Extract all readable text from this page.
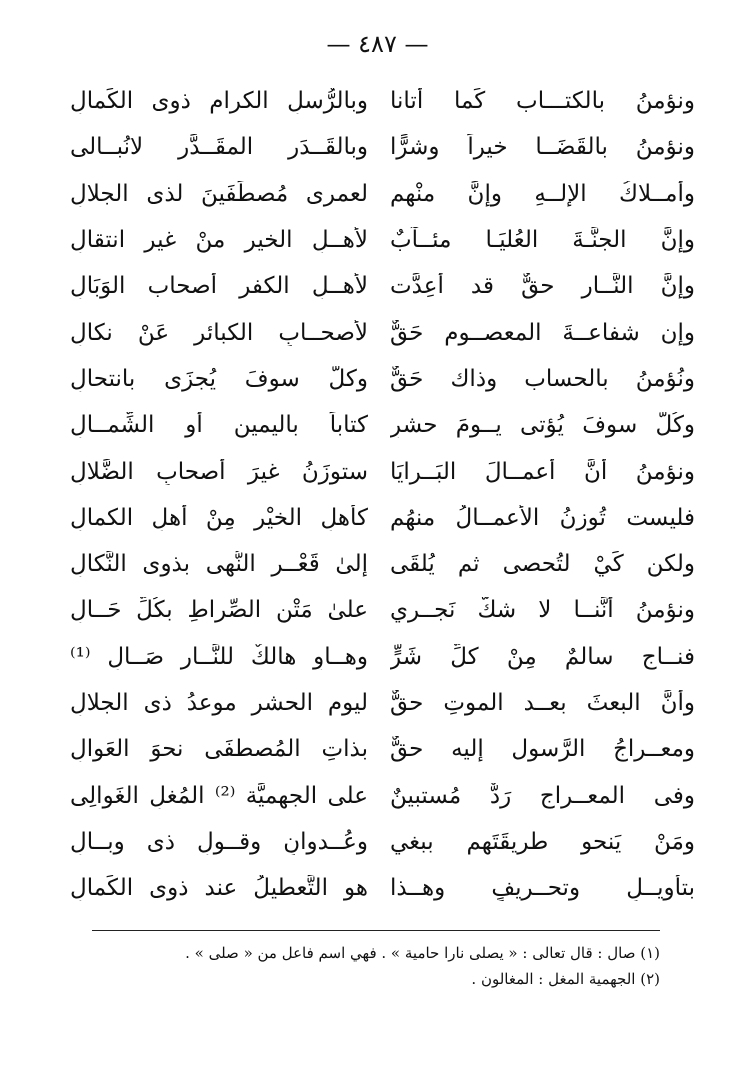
— ٤٨٧ —
ونؤمنُ بالكتـــاب كَما أتانا
وبالرُّسلِ الكرام ذوِى الكَمالِ
ونؤمنُ بالقَضَــا خيراً وشرًّا
وبالقَــدَرِ المقَــدَّرِ لانُبــالى
وأمــلاكُ الإلــهِ وإنَّ منْهم
لعمرى مُصطَفَينَ لذى الجلالِ
وإنَّ الجنَّـةَ العُليَـا مئــآبٌ
لأَهــلِ الخيرِ منْ غيرِ انتقالِ
وإنَّ النَّــار حقٌّ قد أُعِدَّت
لأَهــلِ الكفرِ أصحاب الوَبَالِ
وإن شفاعــةَ المعصــوم حَقٌّ
لأَصحــابِ الكبائرِ عَنْ نكالِ
ونُؤمنُ بالحساب وذاك حَقٌّ
وكلٌّ سوفَ يُجزَى بانتحالِ
وكُلٌّ سوفَ يُؤتى يــومَ حشرٍ
كتاباً باليمين أوِ الشِّمــالِ
ونؤمنُ أنَّ أعمــالَ البَــرايَا
ستوزَنُ غيرَ أصحابِ الضَّلالِ
فليست تُوزنُ الأَعمــالُ منهُم
كأهلِ الخيْرِ مِنْ أهلِ الكمالِ
ولكن كَيْ لتُحصى ثم يُلقَى
إلىٰ قَعْــرِ النُّهى بذوى النَّكالِ
ونؤمنُ أنَّنــا لا شكَّ نَجــري
علىٰ مَتْنِ الصِّراطِ بكُلِّ حَــالِ
فنــاجٍ سالمٌ مِنْ كلِّ شَرٍّ
وهــاوٍ هالكٌ للنَّــارِ صَــالِ ⁽¹⁾
وأنَّ البعثَ بعــد الموتِ حقٌّ
ليومِ الحشرِ موعدُ ذى الجلالِ
ومعــراجُ الرَّسول إليه حقٌّ
بذاتِ المُصطفَى نحوَ العَوالِ
وفى المعــراجِ رَدٌّ مُستبينٌ
على الجهميَّة ⁽²⁾ المُغلِ الغَوالِى
ومَنْ يَنحو طريقَتَهم ببغيٍ
وعُــدوانٍ وقــولِ ذى وبــالِ
بتأْويــلٍ وتحــريفٍ وهــذا
هو التَّعطيلُ عند ذوى الكَمالِ
(١) صال : قال تعالى : « يصلى نارا حامية » . فهي اسم فاعل من « صلى » .
(٢) الجهمية المغل : المغالون .
